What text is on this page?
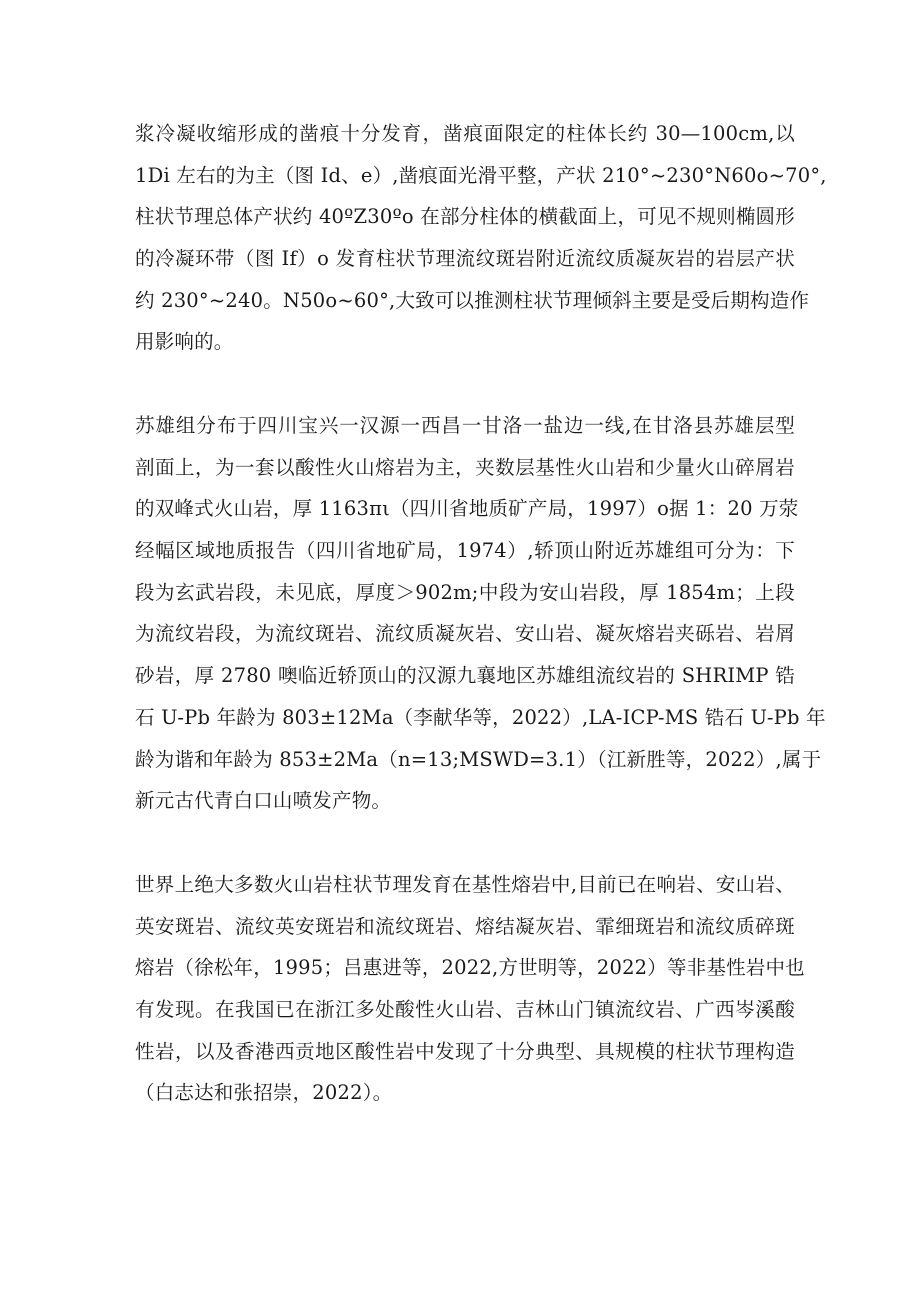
浆冷凝收缩形成的凿痕十分发育，凿痕面限定的柱体长约 30—100cm,以
1Di 左右的为主（图 Id、e）,凿痕面光滑平整，产状 210°~230°N60o~70°,
柱状节理总体产状约 40ºZ30ºo 在部分柱体的横截面上，可见不规则椭圆形
的冷凝环带（图 If）o 发育柱状节理流纹斑岩附近流纹质凝灰岩的岩层产状
约 230°~240。N50o~60°,大致可以推测柱状节理倾斜主要是受后期构造作
用影响的。
苏雄组分布于四川宝兴一汉源一西昌一甘洛一盐边一线,在甘洛县苏雄层型
剖面上，为一套以酸性火山熔岩为主，夹数层基性火山岩和少量火山碎屑岩
的双峰式火山岩，厚 1163πι（四川省地质矿产局，1997）o据 1：20 万荥
经幅区域地质报告（四川省地矿局，1974）,轿顶山附近苏雄组可分为：下
段为玄武岩段，未见底，厚度＞902m;中段为安山岩段，厚 1854m；上段
为流纹岩段，为流纹斑岩、流纹质凝灰岩、安山岩、凝灰熔岩夹砾岩、岩屑
砂岩，厚 2780 噢临近轿顶山的汉源九襄地区苏雄组流纹岩的 SHRIMP 锆
石 U-Pb 年龄为 803±12Ma（李献华等，2022）,LA-ICP-MS 锆石 U-Pb 年
龄为谐和年龄为 853±2Ma（n=13;MSWD=3.1）（江新胜等，2022）,属于
新元古代青白口山喷发产物。
世界上绝大多数火山岩柱状节理发育在基性熔岩中,目前已在响岩、安山岩、
英安斑岩、流纹英安斑岩和流纹斑岩、熔结凝灰岩、霏细斑岩和流纹质碎斑
熔岩（徐松年，1995；吕惠进等，2022,方世明等，2022）等非基性岩中也
有发现。在我国已在浙江多处酸性火山岩、吉林山门镇流纹岩、广西岑溪酸
性岩，以及香港西贡地区酸性岩中发现了十分典型、具规模的柱状节理构造
（白志达和张招崇，2022）。
